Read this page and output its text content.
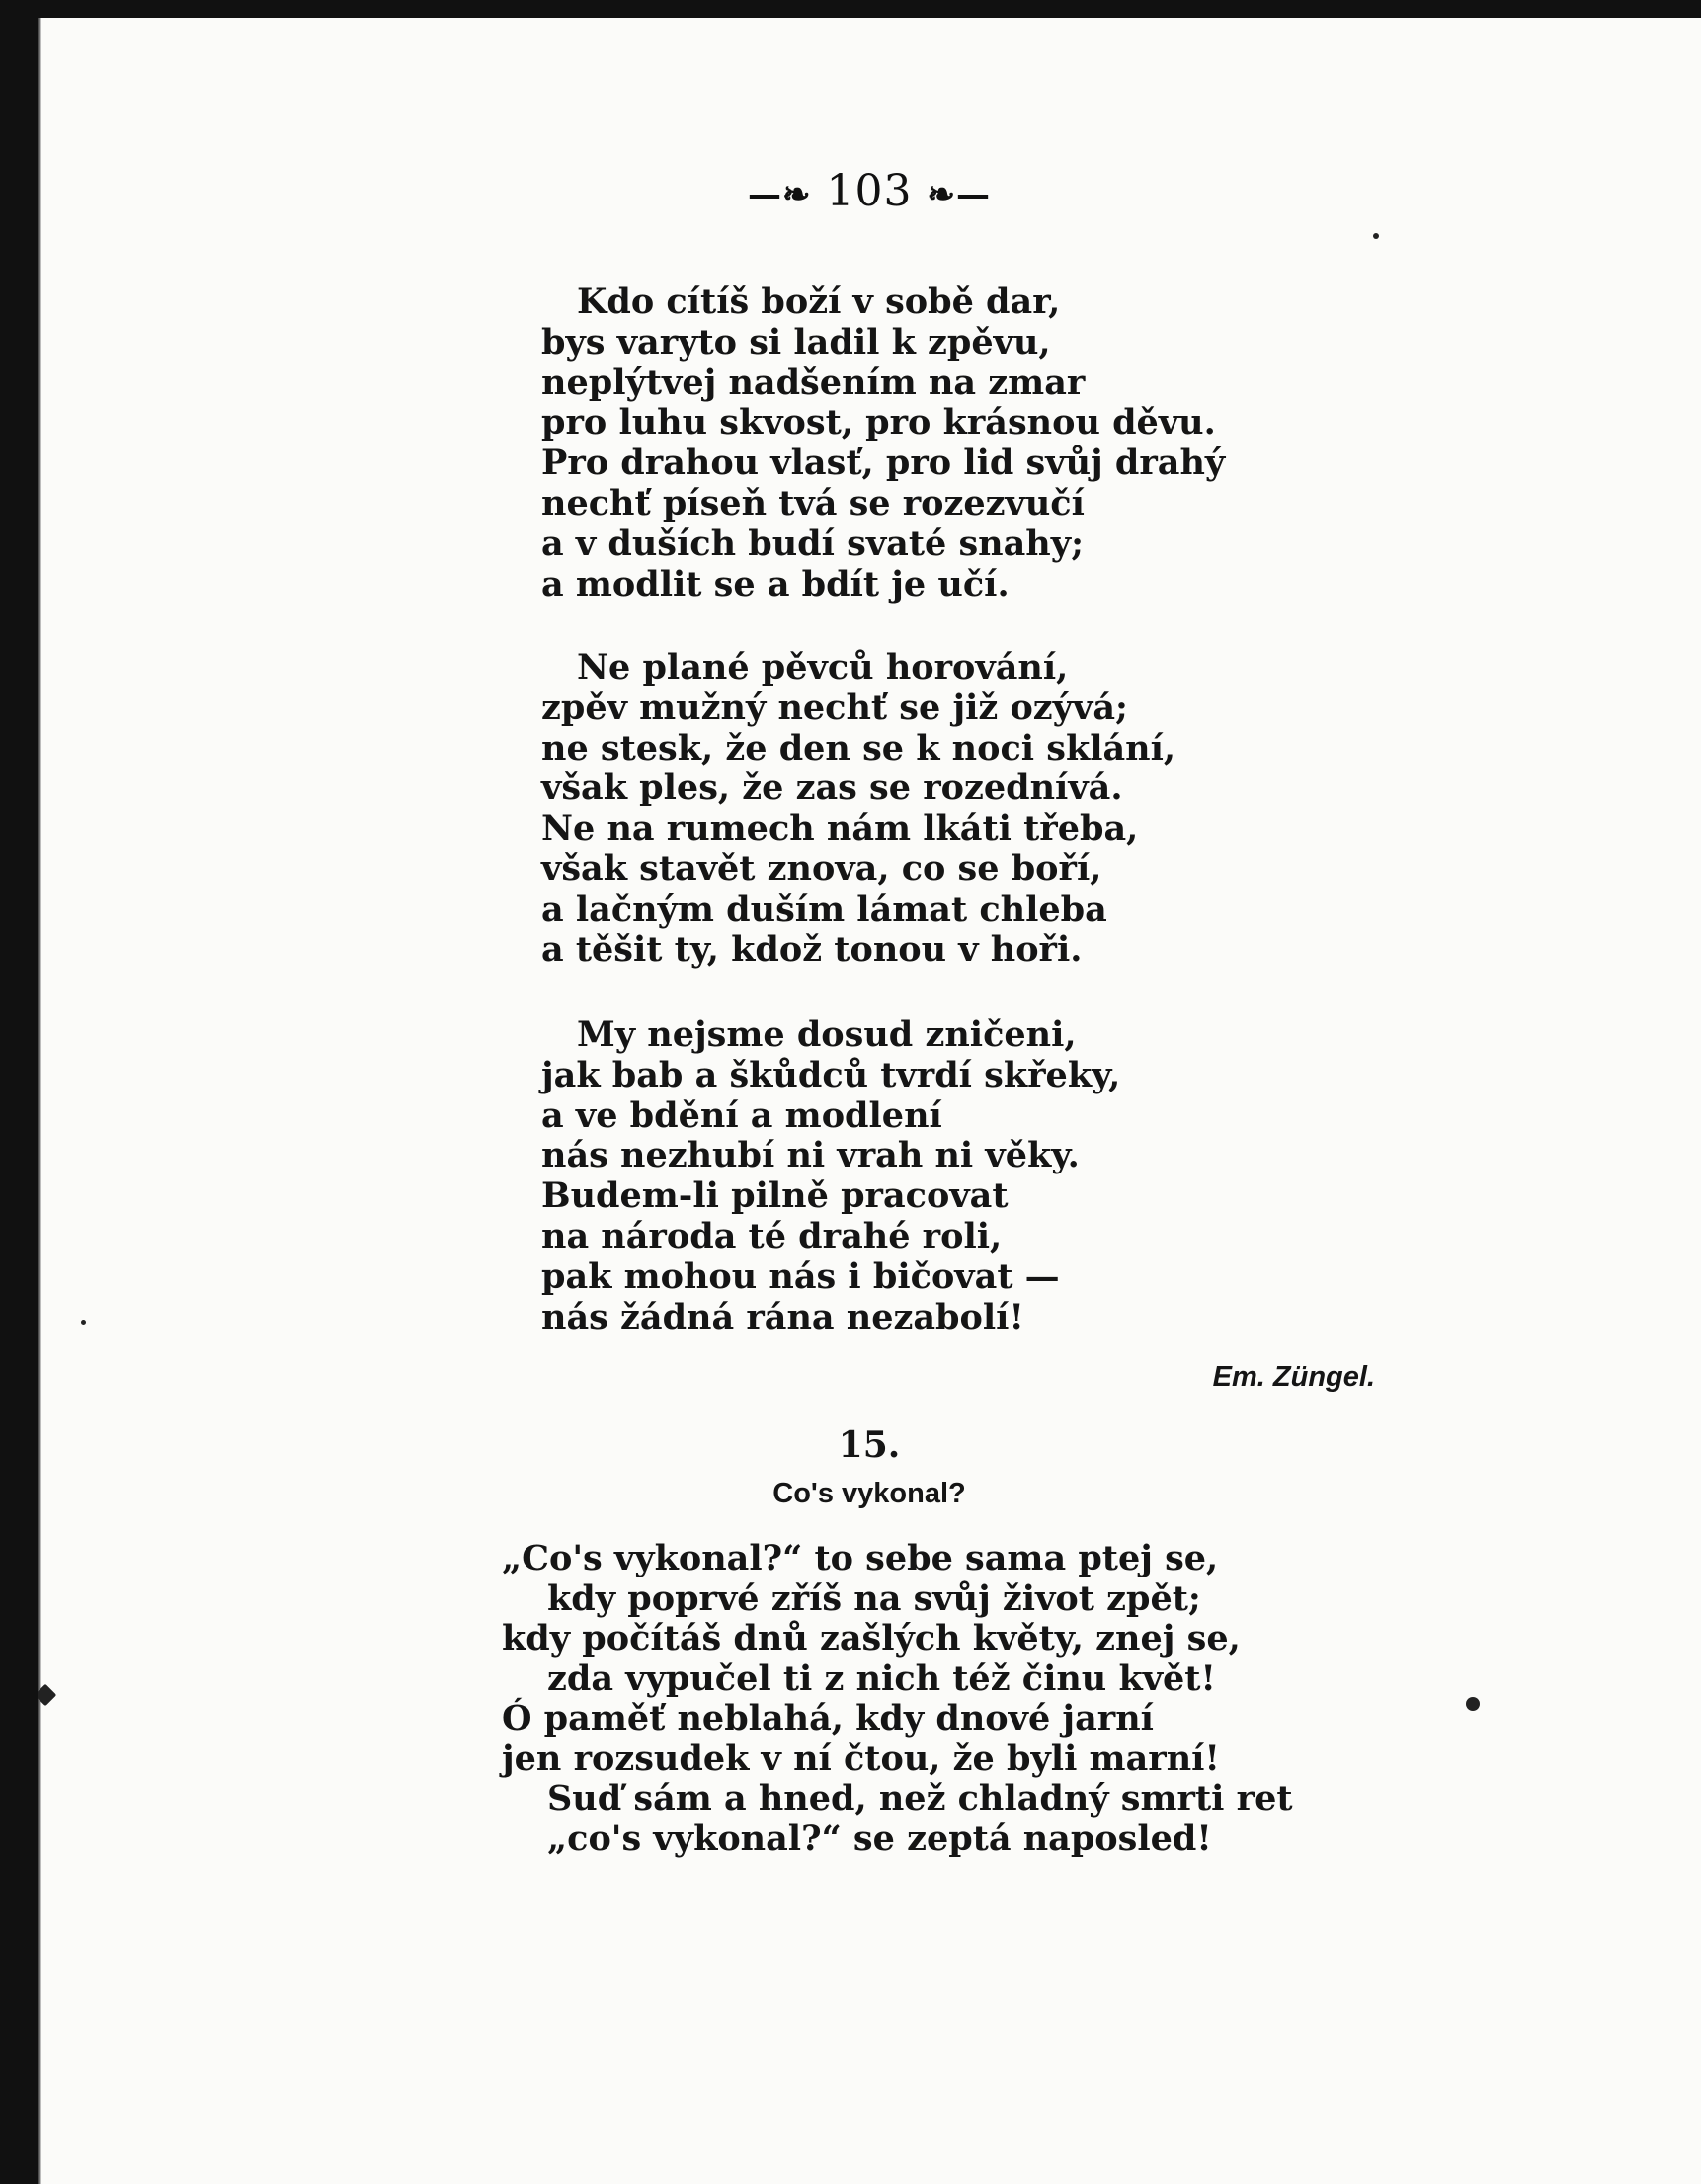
—❧ 103 ❧—
Kdo cítíš boží v sobě dar,
bys varyto si ladil k zpěvu,
neplýtvej nadšením na zmar
pro luhu skvost, pro krásnou děvu.
Pro drahou vlasť, pro lid svůj drahý
nechť píseň tvá se rozezvučí
a v duších budí svaté snahy;
a modlit se a bdít je učí.
Ne plané pěvců horování,
zpěv mužný nechť se již ozývá;
ne stesk, že den se k noci sklání,
však ples, že zas se rozednívá.
Ne na rumech nám lkáti třeba,
však stavět znova, co se boří,
a lačným duším lámat chleba
a těšit ty, kdož tonou v hoři.
My nejsme dosud zničeni,
jak bab a škůdců tvrdí skřeky,
a ve bdění a modlení
nás nezhubí ni vrah ni věky.
Budem-li pilně pracovat
na národa té drahé roli,
pak mohou nás i bičovat —
nás žádná rána nezabolí!
Em. Züngel.
15.
Co's vykonal?
„Co's vykonal?“ to sebe sama ptej se,
kdy poprvé zříš na svůj život zpět;
kdy počítáš dnů zašlých květy, znej se,
zda vypučel ti z nich též činu květ!
Ó paměť neblahá, kdy dnové jarní
jen rozsudek v ní čtou, že byli marní!
Suď sám a hned, než chladný smrti ret
„co's vykonal?“ se zeptá naposled!
